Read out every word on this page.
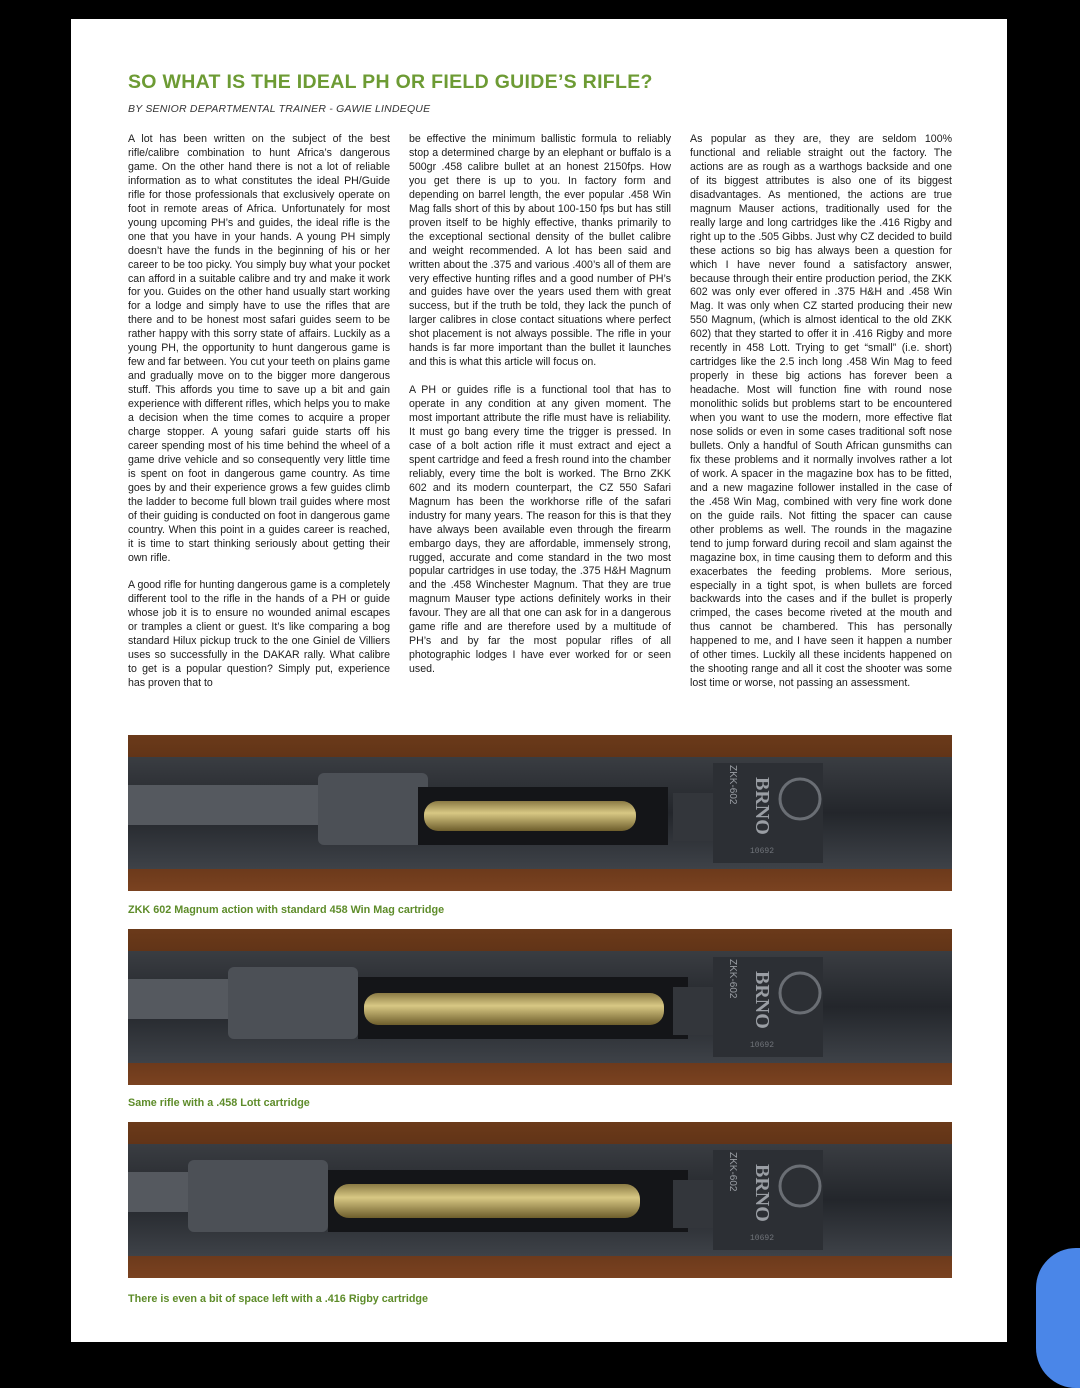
SO WHAT IS THE IDEAL PH OR FIELD GUIDE’S RIFLE?
BY SENIOR DEPARTMENTAL TRAINER - GAWIE LINDEQUE

A lot has been written on the subject of the best rifle/calibre combination to hunt Africa’s dangerous game. On the other hand there is not a lot of reliable information as to what constitutes the ideal PH/Guide rifle for those professionals that exclusively operate on foot in remote areas of Africa. Unfortunately for most young upcoming PH’s and guides, the ideal rifle is the one that you have in your hands. A young PH simply doesn’t have the funds in the beginning of his or her career to be too picky. You simply buy what your pocket can afford in a suitable calibre and try and make it work for you. Guides on the other hand usually start working for a lodge and simply have to use the rifles that are there and to be honest most safari guides seem to be rather happy with this sorry state of affairs. Luckily as a young PH, the opportunity to hunt dangerous game is few and far between. You cut your teeth on plains game and gradually move on to the bigger more dangerous stuff. This affords you time to save up a bit and gain experience with different rifles, which helps you to make a decision when the time comes to acquire a proper charge stopper. A young safari guide starts off his career spending most of his time behind the wheel of a game drive vehicle and so consequently very little time is spent on foot in dangerous game country. As time goes by and their experience grows a few guides climb the ladder to become full blown trail guides where most of their guiding is conducted on foot in dangerous game country. When this point in a guides career is reached, it is time to start thinking seriously about getting their own rifle.

A good rifle for hunting dangerous game is a completely different tool to the rifle in the hands of a PH or guide whose job it is to ensure no wounded animal escapes or tramples a client or guest. It’s like comparing a bog standard Hilux pickup truck to the one Giniel de Villiers uses so successfully in the DAKAR rally. What calibre to get is a popular question? Simply put, experience has proven that to

be effective the minimum ballistic formula to reliably stop a determined charge by an elephant or buffalo is a 500gr .458 calibre bullet at an honest 2150fps. How you get there is up to you. In factory form and depending on barrel length, the ever popular .458 Win Mag falls short of this by about 100-150 fps but has still proven itself to be highly effective, thanks primarily to the exceptional sectional density of the bullet calibre and weight recommended. A lot has been said and written about the .375 and various .400’s all of them are very effective hunting rifles and a good number of PH’s and guides have over the years used them with great success, but if the truth be told, they lack the punch of larger calibres in close contact situations where perfect shot placement is not always possible. The rifle in your hands is far more important than the bullet it launches and this is what this article will focus on.

A PH or guides rifle is a functional tool that has to operate in any condition at any given moment. The most important attribute the rifle must have is reliability. It must go bang every time the trigger is pressed. In case of a bolt action rifle it must extract and eject a spent cartridge and feed a fresh round into the chamber reliably, every time the bolt is worked. The Brno ZKK 602 and its modern counterpart, the CZ 550 Safari Magnum has been the workhorse rifle of the safari industry for many years. The reason for this is that they have always been available even through the firearm embargo days, they are affordable, immensely strong, rugged, accurate and come standard in the two most popular cartridges in use today, the .375 H&H Magnum and the .458 Winchester Magnum. That they are true magnum Mauser type actions definitely works in their favour. They are all that one can ask for in a dangerous game rifle and are therefore used by a multitude of PH’s and by far the most popular rifles of all photographic lodges I have ever worked for or seen used.

As popular as they are, they are seldom 100% functional and reliable straight out the factory. The actions are as rough as a warthogs backside and one of its biggest attributes is also one of its biggest disadvantages. As mentioned, the actions are true magnum Mauser actions, traditionally used for the really large and long cartridges like the .416 Rigby and right up to the .505 Gibbs. Just why CZ decided to build these actions so big has always been a question for which I have never found a satisfactory answer, because through their entire production period, the ZKK 602 was only ever offered in .375 H&H and .458 Win Mag. It was only when CZ started producing their new 550 Magnum, (which is almost identical to the old ZKK 602) that they started to offer it in .416 Rigby and more recently in 458 Lott. Trying to get “small” (i.e. short) cartridges like the 2.5 inch long .458 Win Mag to feed properly in these big actions has forever been a headache. Most will function fine with round nose monolithic solids but problems start to be encountered when you want to use the modern, more effective flat nose solids or even in some cases traditional soft nose bullets. Only a handful of South African gunsmiths can fix these problems and it normally involves rather a lot of work. A spacer in the magazine box has to be fitted, and a new magazine follower installed in the case of the .458 Win Mag, combined with very fine work done on the guide rails. Not fitting the spacer can cause other problems as well. The rounds in the magazine tend to jump forward during recoil and slam against the magazine box, in time causing them to deform and this exacerbates the feeding problems. More serious, especially in a tight spot, is when bullets are forced backwards into the cases and if the bullet is properly crimped, the cases become riveted at the mouth and thus cannot be chambered. This has personally happened to me, and I have seen it happen a number of other times. Luckily all these incidents happened on the shooting range and all it cost the shooter was some lost time or worse, not passing an assessment.

BRNO
ZKK-602
10692
ZKK 602 Magnum action with standard 458 Win Mag cartridge
BRNO
ZKK-602
10692
Same rifle with a .458 Lott cartridge
BRNO
ZKK-602
10692
There is even a bit of space left with a .416 Rigby cartridge
